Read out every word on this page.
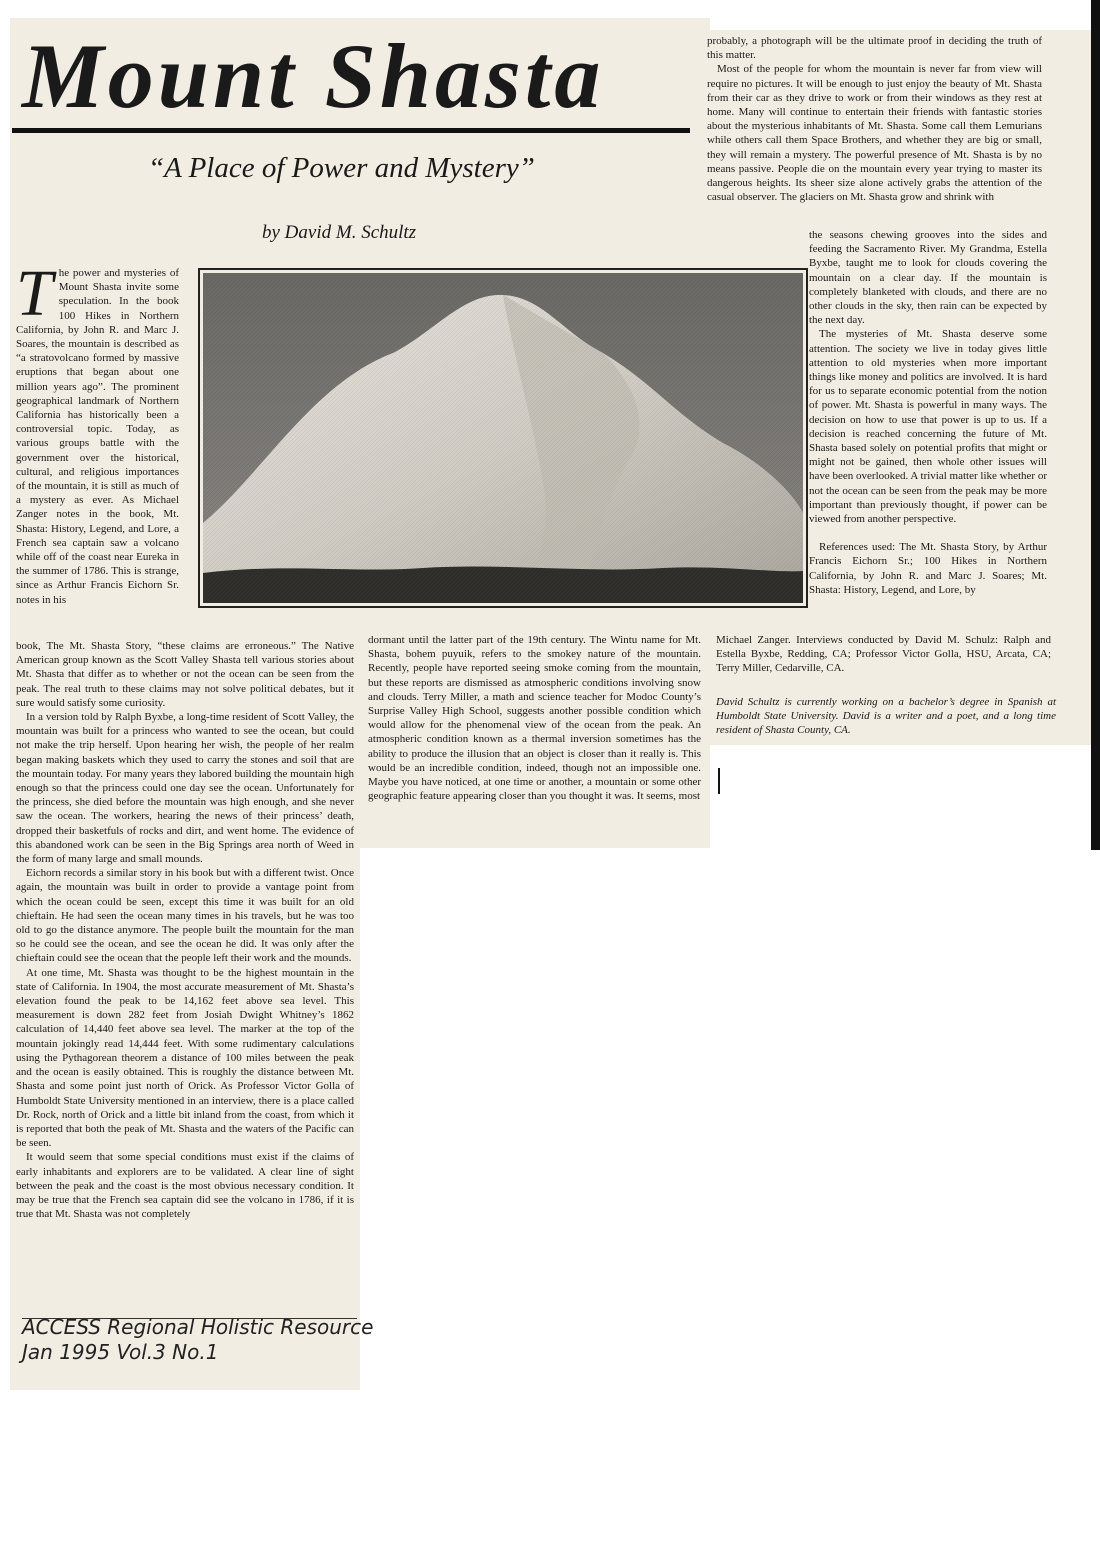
Mount Shasta
“A Place of Power and Mystery”
by David M. Schultz

The power and mysteries of Mount Shasta invite some speculation. In the book 100 Hikes in Northern California, by John R. and Marc J. Soares, the mountain is described as “a stratovolcano formed by massive eruptions that began about one million years ago”. The prominent geographical landmark of Northern California has historically been a controversial topic. Today, as various groups battle with the government over the historical, cultural, and religious importances of the mountain, it is still as much of a mystery as ever. As Michael Zanger notes in the book, Mt. Shasta: History, Legend, and Lore, a French sea captain saw a volcano while off of the coast near Eureka in the summer of 1786. This is strange, since as Arthur Francis Eichorn Sr. notes in his

book, The Mt. Shasta Story, “these claims are erroneous.” The Native American group known as the Scott Valley Shasta tell various stories about Mt. Shasta that differ as to whether or not the ocean can be seen from the peak. The real truth to these claims may not solve political debates, but it sure would satisfy some curiosity.

In a version told by Ralph Byxbe, a long-time resident of Scott Valley, the mountain was built for a princess who wanted to see the ocean, but could not make the trip herself. Upon hearing her wish, the people of her realm began making baskets which they used to carry the stones and soil that are the mountain today. For many years they labored building the mountain high enough so that the princess could one day see the ocean. Unfortunately for the princess, she died before the mountain was high enough, and she never saw the ocean. The workers, hearing the news of their princess’ death, dropped their basketfuls of rocks and dirt, and went home. The evidence of this abandoned work can be seen in the Big Springs area north of Weed in the form of many large and small mounds.

Eichorn records a similar story in his book but with a different twist. Once again, the mountain was built in order to provide a vantage point from which the ocean could be seen, except this time it was built for an old chieftain. He had seen the ocean many times in his travels, but he was too old to go the distance anymore. The people built the mountain for the man so he could see the ocean, and see the ocean he did. It was only after the chieftain could see the ocean that the people left their work and the mounds.

At one time, Mt. Shasta was thought to be the highest mountain in the state of California. In 1904, the most accurate measurement of Mt. Shasta’s elevation found the peak to be 14,162 feet above sea level. This measurement is down 282 feet from Josiah Dwight Whitney’s 1862 calculation of 14,440 feet above sea level. The marker at the top of the mountain jokingly read 14,444 feet. With some rudimentary calculations using the Pythagorean theorem a distance of 100 miles between the peak and the ocean is easily obtained. This is roughly the distance between Mt. Shasta and some point just north of Orick. As Professor Victor Golla of Humboldt State University mentioned in an interview, there is a place called Dr. Rock, north of Orick and a little bit inland from the coast, from which it is reported that both the peak of Mt. Shasta and the waters of the Pacific can be seen.

It would seem that some special conditions must exist if the claims of early inhabitants and explorers are to be validated. A clear line of sight between the peak and the coast is the most obvious necessary condition. It may be true that the French sea captain did see the volcano in 1786, if it is true that Mt. Shasta was not completely

dormant until the latter part of the 19th century. The Wintu name for Mt. Shasta, bohem puyuik, refers to the smokey nature of the mountain. Recently, people have reported seeing smoke coming from the mountain, but these reports are dismissed as atmospheric conditions involving snow and clouds. Terry Miller, a math and science teacher for Modoc County’s Surprise Valley High School, suggests another possible condition which would allow for the phenomenal view of the ocean from the peak. An atmospheric condition known as a thermal inversion sometimes has the ability to produce the illusion that an object is closer than it really is. This would be an incredible condition, indeed, though not an impossible one. Maybe you have noticed, at one time or another, a mountain or some other geographic feature appearing closer than you thought it was. It seems, most

probably, a photograph will be the ultimate proof in deciding the truth of this matter.

Most of the people for whom the mountain is never far from view will require no pictures. It will be enough to just enjoy the beauty of Mt. Shasta from their car as they drive to work or from their windows as they rest at home. Many will continue to entertain their friends with fantastic stories about the mysterious inhabitants of Mt. Shasta. Some call them Lemurians while others call them Space Brothers, and whether they are big or small, they will remain a mystery. The powerful presence of Mt. Shasta is by no means passive. People die on the mountain every year trying to master its dangerous heights. Its sheer size alone actively grabs the attention of the casual observer. The glaciers on Mt. Shasta grow and shrink with

the seasons chewing grooves into the sides and feeding the Sacramento River. My Grandma, Estella Byxbe, taught me to look for clouds covering the mountain on a clear day. If the mountain is completely blanketed with clouds, and there are no other clouds in the sky, then rain can be expected by the next day.

The mysteries of Mt. Shasta deserve some attention. The society we live in today gives little attention to old mysteries when more important things like money and politics are involved. It is hard for us to separate economic potential from the notion of power. Mt. Shasta is powerful in many ways. The decision on how to use that power is up to us. If a decision is reached concerning the future of Mt. Shasta based solely on potential profits that might or might not be gained, then whole other issues will have been overlooked. A trivial matter like whether or not the ocean can be seen from the peak may be more important than previously thought, if power can be viewed from another perspective.

References used: The Mt. Shasta Story, by Arthur Francis Eichorn Sr.; 100 Hikes in Northern California, by John R. and Marc J. Soares; Mt. Shasta: History, Legend, and Lore, by

Michael Zanger. Interviews conducted by David M. Schulz: Ralph and Estella Byxbe, Redding, CA; Professor Victor Golla, HSU, Arcata, CA; Terry Miller, Cedarville, CA.

David Schultz is currently working on a bachelor’s degree in Spanish at Humboldt State University. David is a writer and a poet, and a long time resident of Shasta County, CA.
ACCESS Regional Holistic Resource
Jan 1995 Vol.3 No.1
